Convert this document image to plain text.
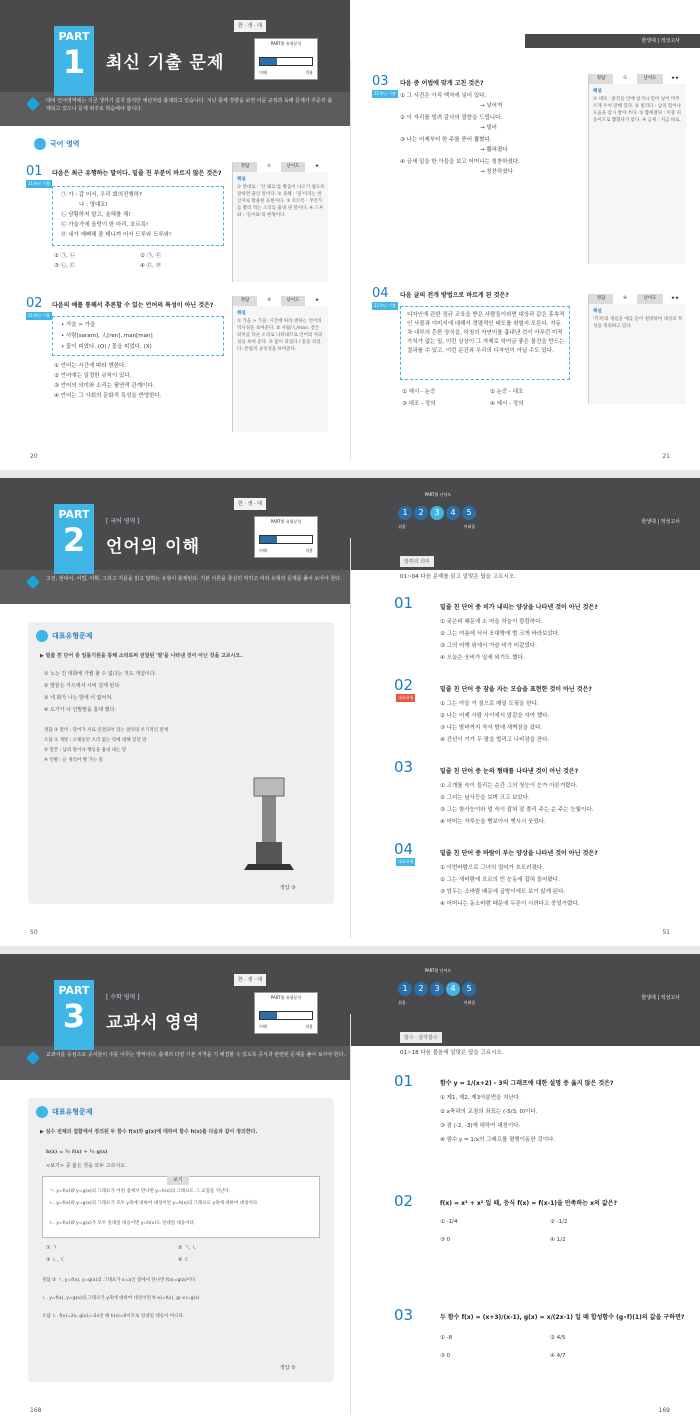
한생대 | 적성고사
대비 언어영역에는 지금 생각기 쉽지 않지만 예년처럼 출제되고 있습니다. 지난 출제 경향을 보면 어문 규정과 독해 문제가 꾸준히 출제되고 있으니 문제 위주로 학습해야 합니다.
PART
1	최신 기출 문제
한 · 생 · 대
PART별 유형분석
이해	적용
국어 영역
01
21학년 기출
다음은 최근 유행하는 말이다. 밑줄 친 부분이 바르지 않은 것은?
㉠ 가 : 갑 어서, 우리 회의진행하?
나 : 영대요!
㉡ 당황하지 말고, 올해를 해!
㉢ 가을가에 올랑이 한 마리, 호르륵!
㉣ 내가 예뻐해 줄 테니까 어서 드루와 드루와!
① ㉠, ㉡	② ㉠, ㉢
③ ㉡, ㉢	④ ㉢, ㉣
정답	①	난이도	★
해설
① 앞대로 : '안 돼요'를 발음이 나오기 쉽도록 말하면 줄인 말이다. ② 올해 : '올'이라는 한 글자로 활용한 표현이다. ③ 호르륵 : 무언가를 빨리 먹는 소리를 흉내 낸 말이다. ④ 드루와 : '들어와'의 변형이다.
02
21학년 기출
다음의 예를 통해서 추론할 수 있는 언어의 특성이 아닌 것은?
• 가을 > 가을
• 사람[saram], 人[ren], man[man]
• 꽃이 피었다. (O) / 꽃을 피었다. (X)
① 언어는 시간에 따라 변한다.
② 언어에는 일정한 규칙이 있다.
③ 언어의 의미와 소리는 필연적 관계이다.
④ 언어는 그 사회의 문화적 특성을 반영한다.
정답	③	난이도	★
해설
① 가을 > 가을: 시간에 따라 변하는 언어의 역사성을 보여준다. ② 사람/人/man: 같은 의미를 다른 소리로 나타내므로 언어의 자의성을 보여 준다. ③ 꽃이 피었다 / 꽃을 피었다: 문법적 규칙성을 보여준다.
03
21학년 기출
다음 중 어법에 맞게 고친 것은?
① 그 사진은 아직 액자에 넣어 있다.
→ 넣어져
② 이 자리를 빌려 감사의 말씀을 드립니다.
→ 빌어
③ 나는 어제부터 한 주를 뜯어 뽑혔다.
→ 뽑혀졌다
④ 금세 일을 한 아들을 보고 어머니는 칭찬하셨다.
→ 칭찬하셨다
정답	①	난이도	★★
해설
① 세다 : 물건을 안에 넣거나 밀어 넣어 머무르게 두어 말해 있다. ② 빌리다 : 남의 힘이나 도움을 잠시 받아 쓰다. ③ 뽑혀졌다 : 이중 피동이므로 뽑혔다가 맞다. ④ 금세 : 지금 바로.
04
21학년 기출
다음 글의 전개 방법으로 바르게 된 것은?
디자인에 관한 정규 교육을 받은 사람들이라면 대상과 같은 흥속적인 사물과 이미지에 대해서 경멸적인 태도를 취할지 모른다. 자동차 내부의 흔한 장식을, 허청의 자연미를 흉내낸 것이 아무런 미적 가치가 없는 일, 이런 상상이 그 자체로 하여금 좋은 물건을 만드는 결과를 수 있고, 이런 문건과 우리의 디자인이 아닐 수도 있다.
① 예시 - 논증	② 논증 - 대조
③ 대조 - 정의	④ 예시 - 정의
정답	④	난이도	★★
해설
'키치'의 개념을 예를 들어 설명하며 대상의 특성을 정의하고 있다.
20	21
한생대 | 적성고사
고전, 현대어, 어법, 어휘, 그리고 지문을 읽고 답하는 유형이 출제된다. 기본 이론을 충실히 익히고 여러 유형의 문제를 풀어 보아야 한다.
PART
2	[ 국어 영역 ]
언어의 이해
한 · 생 · 대
PART별 유형분석
이해	적용
PART별 난이도
1 2 3 4 5
쉬움	어려움
대표유형문제
▶ 밑줄 친 단어 중 일몰기원을 통해 소리로써 전달된 '말'을 나타낸 것이 아닌 것을 고르시오.
① 노는 진 대화에 가볍 할 수 없다는 것도 개념이다.
② 말끝은 가으에서 시비 걸게 된다.
③ 네 화가 나는 말에 이 없어져.
④ 도가가 나 인발말을 홀대 했다.
정답 ③ 말미 : 단어가 서로 연결되어 있는 앞뒤의 우기적인 관계
오답 ① 게말 : 오랫동안 소리 없는 것에 대해 있던 말
② 말끝 : 남의 말이나 행동을 흉내 내는 말
④ 인발 : 들 정리어 발 가는 말
정답 ③
말투의 의미
01~04 다음 문제를 읽고 알맞은 답을 고르시오.
01	밑줄 친 단어 중 비가 내리는 양상을 나타낸 것이 아닌 것은?
① 궂은비 때문에 소 마을 하늘이 캄캄하다.
② 그는 여름에 서서 포대밖에 벌 크게 바라보았다.
③ 그의 어깨 위에서 가슬 비가 비같었다.
④ 오늘은 웃비가 일세 외기도 했다.
02
대표유형
밑줄 친 단어 중 잠을 자는 모습을 표현한 것이 아닌 것은?
① 그는 아들 거 침으로 매일 도핑을 한다.
② 나는 어제 사람 사이에서 말같을 자야 했다.
③ 나는 밤비까지 자서 밤에 새벽잠을 잤다.
④ 건넌이 기가 두 팔을 벌리고 나비잠을 잔다.
03	밑줄 친 단어 중 눈의 형태를 나타낸 것이 아닌 것은?
① 고개를 숙이 들리는 순간 그의 첫눈이 눈가 아른거렸다.
② 그녀는 날사등을 보며 크고 보았다.
③ 그는 함사눈이라 멀 숙이 잡혀 잠 풀리 주는 순 주는 눈빛이다.
④ 어머는 자루눈을 빵보아서 옛시시 웃었다.
04
대표유형
밑줄 친 단어 중 바람이 부는 양상을 나타낸 것이 아닌 것은?
① 이번바람으로 그녀의 얼어가 흐트러졌다.
② 그는 새바람에 흐르의 빈 눈동에 잡혀 들어왔다.
③ 엄두는 소바람 때문에 급방이에도 보이 않게 된다.
④ 어머니는 동소바람 때문에 두른이 시려다고 중얼거렸다.
50	51
한생대 | 적성고사
교과서를 중심으로 공식들이 주를 이루는 영역이다. 출제의 다양 기본 자격을 기 해결할 수 있도록 공식과 관련된 문제를 풀어 보아야 한다.
PART
3	[ 수학 영역 ]
교과서 영역
한 · 생 · 대
PART별 유형분석
이해	적용
PART별 난이도
1 2 3 4 5
쉬움	어려움
대표유형문제
▶ 실수 전체의 집합에서 정의된 두 함수 f(x)와 g(x)에 대하여 함수 h(x)를 다음과 같이 정의한다.
h(x) = ½ f(x) + ½ g(x)
<보기> 중 옳은 것을 모두 고르시오.
보기
ㄱ. y=f(x)와 y=g(x)의 그래프가 어떤 점에서 만나면 y=h(x)의 그래프도 그 교점을 지난다.
ㄴ. y=f(x)와 y=g(x)의 그래프가 모두 y축에 대하여 대칭이면 y=h(x)의 그래프도 y축에 대하여 대칭이다.
ㄷ. y=f(x)와 y=g(x)가 모두 일대일 대응이면 y=h(x)도 일대일 대응이다.
① ㄱ	② ㄱ, ㄴ
③ ㄴ, ㄷ	④ ㄷ
정답 ② ㄱ. y=f(x), y=g(x)의 그래프가 x=a인 점에서 만나면 f(a)=g(a)이다.
ㄴ. y=f(x), y=g(x)의 그래프가 y축에 대하여 대칭이면 f(-x)=f(x), g(-x)=g(x)
오답 ㄷ. f(x)=2x, g(x)=-2x일 때 h(x)=0이므로 일대일 대응이 아니다.
정답 ②
함수 · 삼각함수
01~18 다음 물음에 알맞은 답을 고르시오.
01	함수 y = 1/(x+2) - 3의 그래프에 대한 설명 중 옳지 않은 것은?
① 제1, 제2, 제3사분면을 지난다.
② x축과의 교점의 좌표는 (-5/3, 0)이다.
③ 점 (-2, -3)에 대하여 대칭이다.
④ 함수 y = 1/x의 그래프를 평행이동한 것이다.
02	f(x) = x³ + x² 일 때, 등식 f(x) = f(x-1)을 만족하는 x의 값은?
① -1/4	② -1/2
③ 0	④ 1/2
03	두 함수 f(x) = (x+3)/(x-1), g(x) = x/(2x-1) 일 때 합성함수 (g∘f)(1)의 값을 구하면?
① -8	② 4/5
③ 0	④ 4/7
168	169
